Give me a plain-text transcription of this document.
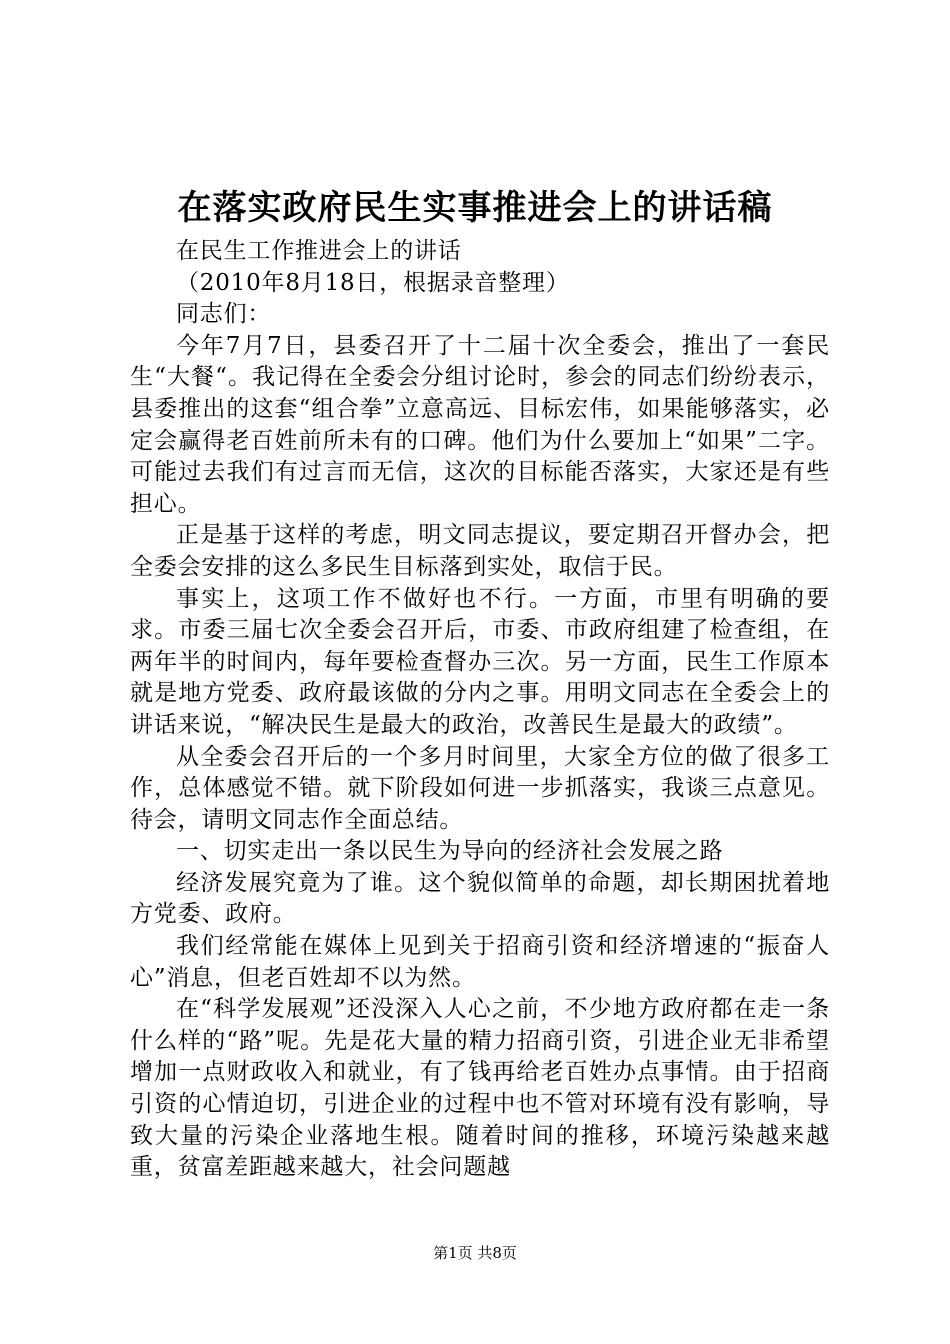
在落实政府民生实事推进会上的讲话稿

在民生工作推进会上的讲话

（2010年8月18日，根据录音整理）

同志们：

今年7月7日，县委召开了十二届十次全委会，推出了一套民生“大餐“。我记得在全委会分组讨论时，参会的同志们纷纷表示，县委推出的这套“组合拳”立意高远、目标宏伟，如果能够落实，必定会赢得老百姓前所未有的口碑。他们为什么要加上“如果”二字。可能过去我们有过言而无信，这次的目标能否落实，大家还是有些担心。

正是基于这样的考虑，明文同志提议，要定期召开督办会，把全委会安排的这么多民生目标落到实处，取信于民。

事实上，这项工作不做好也不行。一方面，市里有明确的要求。市委三届七次全委会召开后，市委、市政府组建了检查组，在两年半的时间内，每年要检查督办三次。另一方面，民生工作原本就是地方党委、政府最该做的分内之事。用明文同志在全委会上的讲话来说，“解决民生是最大的政治，改善民生是最大的政绩”。

从全委会召开后的一个多月时间里，大家全方位的做了很多工作，总体感觉不错。就下阶段如何进一步抓落实，我谈三点意见。待会，请明文同志作全面总结。

一、切实走出一条以民生为导向的经济社会发展之路

经济发展究竟为了谁。这个貌似简单的命题，却长期困扰着地方党委、政府。

我们经常能在媒体上见到关于招商引资和经济增速的“振奋人心”消息，但老百姓却不以为然。

在“科学发展观”还没深入人心之前，不少地方政府都在走一条什么样的“路”呢。先是花大量的精力招商引资，引进企业无非希望增加一点财政收入和就业，有了钱再给老百姓办点事情。由于招商引资的心情迫切，引进企业的过程中也不管对环境有没有影响，导致大量的污染企业落地生根。随着时间的推移，环境污染越来越重，贫富差距越来越大，社会问题越

第1页 共8页
